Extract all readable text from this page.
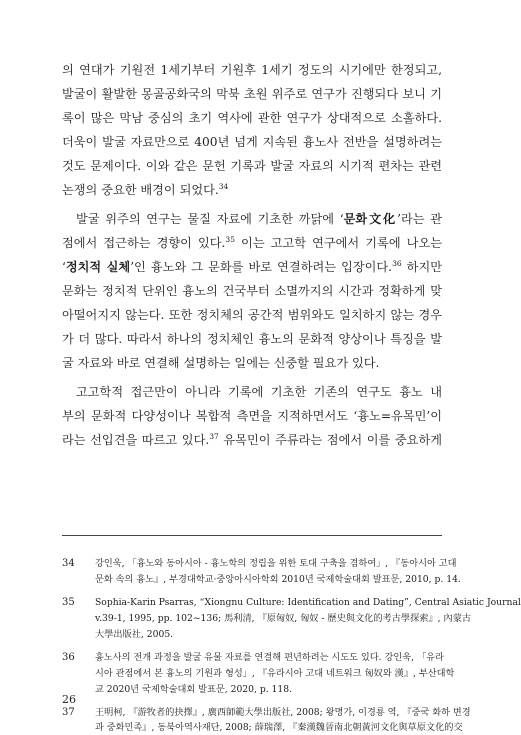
의 연대가 기원전 1세기부터 기원후 1세기 정도의 시기에만 한정되고,
발굴이 활발한 몽골공화국의 막북 초원 위주로 연구가 진행되다 보니 기
록이 많은 막남 중심의 초기 역사에 관한 연구가 상대적으로 소홀하다.
더욱이 발굴 자료만으로 400년 넘게 지속된 흉노사 전반을 설명하려는
것도 문제이다. 이와 같은 문헌 기록과 발굴 자료의 시기적 편차는 관련
논쟁의 중요한 배경이 되었다.$^{34}$
발굴 위주의 연구는 물질 자료에 기초한 까닭에 ‘문화文化’라는 관
점에서 접근하는 경향이 있다.$^{35}$ 이는 고고학 연구에서 기록에 나오는
‘정치적 실체’인 흉노와 그 문화를 바로 연결하려는 입장이다.$^{36}$ 하지만
문화는 정치적 단위인 흉노의 건국부터 소멸까지의 시간과 정확하게 맞
아떨어지지 않는다. 또한 정치체의 공간적 범위와도 일치하지 않는 경우
가 더 많다. 따라서 하나의 정치체인 흉노의 문화적 양상이나 특징을 발
굴 자료와 바로 연결해 설명하는 일에는 신중할 필요가 있다.
고고학적 접근만이 아니라 기록에 기초한 기존의 연구도 흉노 내
부의 문화적 다양성이나 복합적 측면을 지적하면서도 ‘흉노=유목민’이
라는 선입견을 따르고 있다.$^{37}$ 유목민이 주류라는 점에서 이를 중요하게
34 강인욱, 「흉노와 동아시아 - 흉노학의 정립을 위한 토대 구축을 겸하여」, 『동아시아 고대
문화 속의 흉노』, 부경대학교·중앙아시아학회 2010년 국제학술대회 발표문, 2010, p. 14.
35 Sophia-Karin Psarras, “Xiongnu Culture: Identification and Dating”, Central Asiatic Journal
v.39-1, 1995, pp. 102~136; 馬利清, 『原匈奴, 匈奴 - 歷史與文化的考古學探索』, 內蒙古
大學出版社, 2005.
36 흉노사의 전개 과정을 발굴 유물 자료를 연결해 편년하려는 시도도 있다. 강인욱, 「유라
시아 관점에서 본 흉노의 기원과 형성」, 『유라시아 고대 네트워크 匈奴와 漢』, 부산대학
교 2020년 국제학술대회 발표문, 2020, p. 118.
37 王明柯, 『游牧者的抉擇』, 廣西師範大學出版社, 2008; 왕명가, 이경룡 역, 『중국 화하 변경
과 중화민족』, 동북아역사재단, 2008; 薛瑞澤, 『秦漢魏晉南北朝黃河文化與草原文化的交
26
